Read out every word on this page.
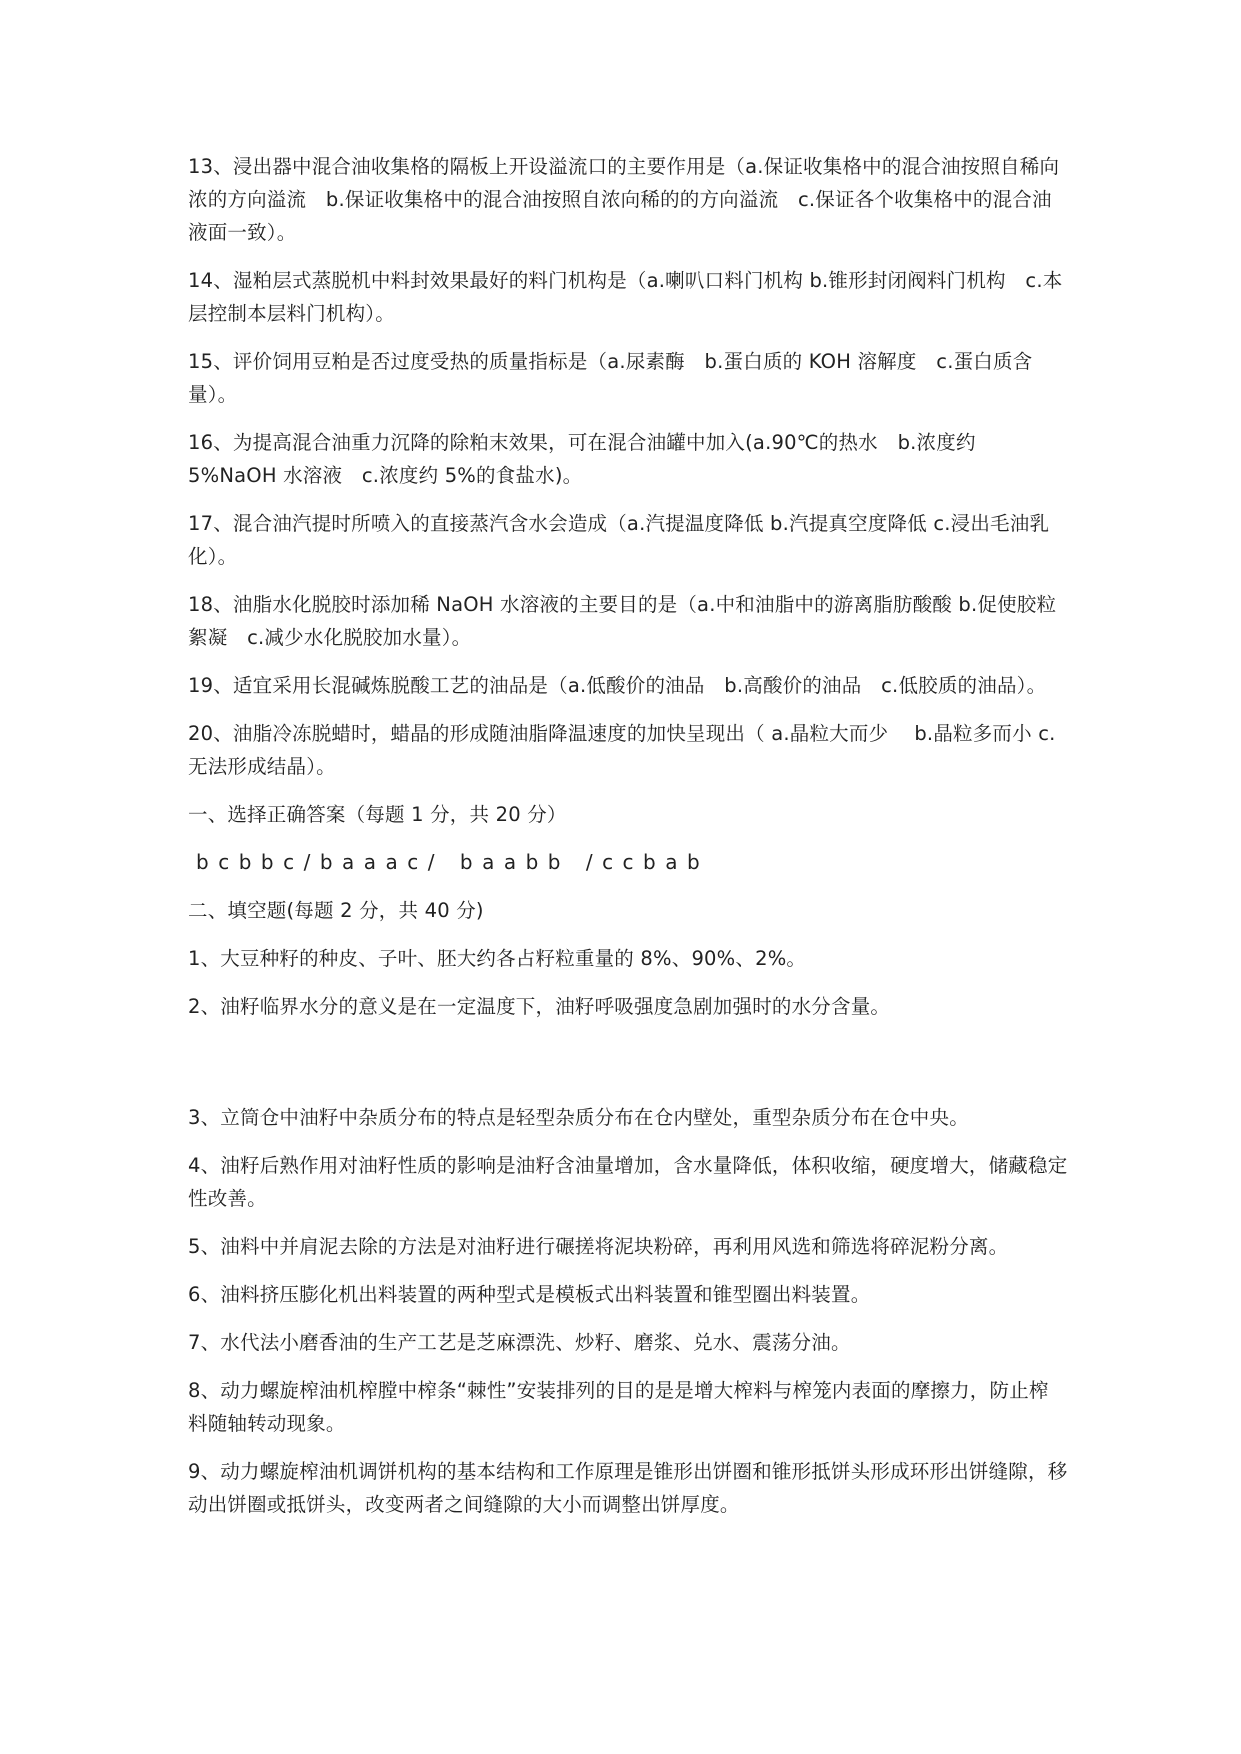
13、浸出器中混合油收集格的隔板上开设溢流口的主要作用是（a.保证收集格中的混合油按照自稀向浓的方向溢流　b.保证收集格中的混合油按照自浓向稀的的方向溢流　c.保证各个收集格中的混合油液面一致）。

14、湿粕层式蒸脱机中料封效果最好的料门机构是（a.喇叭口料门机构 b.锥形封闭阀料门机构　c.本层控制本层料门机构）。

15、评价饲用豆粕是否过度受热的质量指标是（a.尿素酶　b.蛋白质的 KOH 溶解度　c.蛋白质含量）。

16、为提高混合油重力沉降的除粕末效果，可在混合油罐中加入(a.90℃的热水　b.浓度约 5%NaOH 水溶液　c.浓度约 5%的食盐水)。

17、混合油汽提时所喷入的直接蒸汽含水会造成（a.汽提温度降低 b.汽提真空度降低 c.浸出毛油乳化）。

18、油脂水化脱胶时添加稀 NaOH 水溶液的主要目的是（a.中和油脂中的游离脂肪酸酸 b.促使胶粒絮凝　c.减少水化脱胶加水量）。

19、适宜采用长混碱炼脱酸工艺的油品是（a.低酸价的油品　b.高酸价的油品　c.低胶质的油品）。

20、油脂冷冻脱蜡时，蜡晶的形成随油脂降温速度的加快呈现出（ a.晶粒大而少　 b.晶粒多而小 c.无法形成结晶）。

一、选择正确答案（每题 1 分，共 20 分）

bcbbc/baaac/ baabb /ccbab

二、填空题(每题 2 分，共 40 分)

1、大豆种籽的种皮、子叶、胚大约各占籽粒重量的 8%、90%、2%。

2、油籽临界水分的意义是在一定温度下，油籽呼吸强度急剧加强时的水分含量。

3、立筒仓中油籽中杂质分布的特点是轻型杂质分布在仓内壁处，重型杂质分布在仓中央。

4、油籽后熟作用对油籽性质的影响是油籽含油量增加，含水量降低，体积收缩，硬度增大，储藏稳定性改善。

5、油料中并肩泥去除的方法是对油籽进行碾搓将泥块粉碎，再利用风选和筛选将碎泥粉分离。

6、油料挤压膨化机出料装置的两种型式是模板式出料装置和锥型圈出料装置。

7、水代法小磨香油的生产工艺是芝麻漂洗、炒籽、磨浆、兑水、震荡分油。

8、动力螺旋榨油机榨膛中榨条“棘性”安装排列的目的是是增大榨料与榨笼内表面的摩擦力，防止榨料随轴转动现象。

9、动力螺旋榨油机调饼机构的基本结构和工作原理是锥形出饼圈和锥形抵饼头形成环形出饼缝隙，移动出饼圈或抵饼头，改变两者之间缝隙的大小而调整出饼厚度。
